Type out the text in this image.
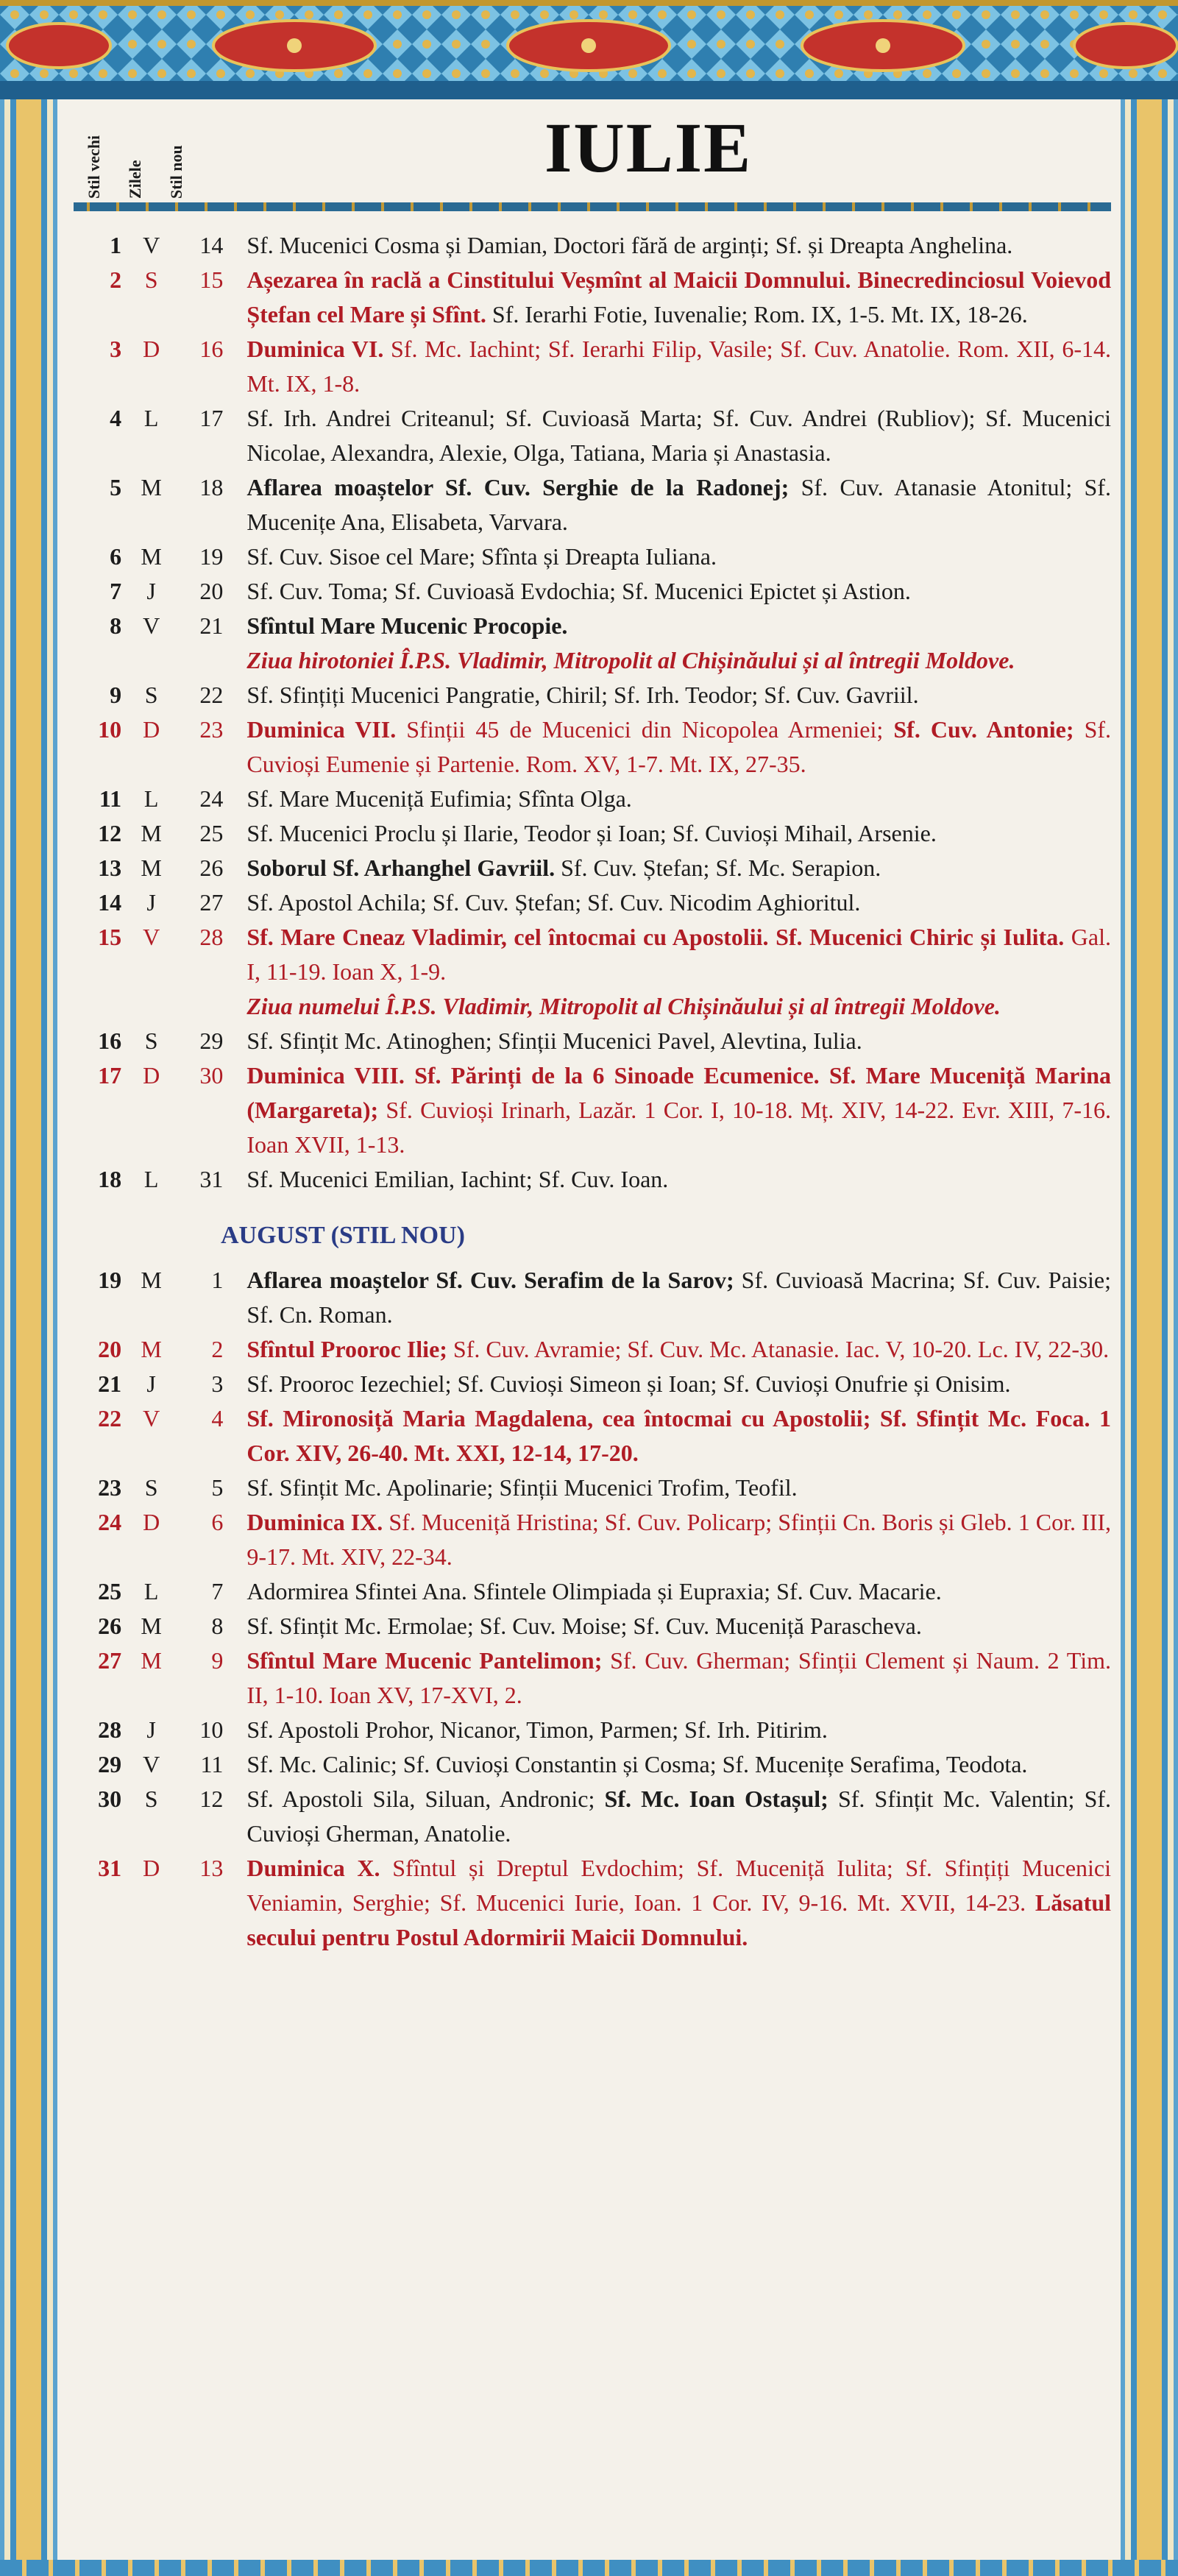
Stil vechi Zilele Stil nou	IULIE
1 V	14 Sf. Mucenici Cosma și Damian, Doctori fără de arginți; Sf. și Dreapta Anghelina.
2 S	15 Așezarea în raclă a Cinstitului Veșmînt al Maicii Domnului. Binecredinciosul Voievod Ștefan cel Mare și Sfînt. Sf. Ierarhi Fotie, Iuvenalie; Rom. IX, 1-5. Mt. IX, 18-26.
3 D	16 Duminica VI. Sf. Mc. Iachint; Sf. Ierarhi Filip, Vasile; Sf. Cuv. Anatolie. Rom. XII, 6-14. Mt. IX, 1-8.
4 L	17 Sf. Irh. Andrei Criteanul; Sf. Cuvioasă Marta; Sf. Cuv. Andrei (Rubliov); Sf. Mucenici Nicolae, Alexandra, Alexie, Olga, Tatiana, Maria și Anastasia.
5 M	18 Aflarea moaștelor Sf. Cuv. Serghie de la Radonej; Sf. Cuv. Atanasie Atonitul; Sf. Mucenițe Ana, Elisabeta, Varvara.
6 M	19 Sf. Cuv. Sisoe cel Mare; Sfînta și Dreapta Iuliana.
7	J	20 Sf. Cuv. Toma; Sf. Cuvioasă Evdochia; Sf. Mucenici Epictet și Astion.
8 V	21 Sfîntul Mare Mucenic Procopie.
Ziua hirotoniei Î.P.S. Vladimir, Mitropolit al Chișinăului și al întregii Moldove.
9 S	22 Sf. Sfințiți Mucenici Pangratie, Chiril; Sf. Irh. Teodor; Sf. Cuv. Gavriil.
10 D	23 Duminica VII. Sfinții 45 de Mucenici din Nicopolea Armeniei; Sf. Cuv. Antonie; Sf. Cuvioși Eumenie și Partenie. Rom. XV, 1-7. Mt. IX, 27-35.
11 L	24 Sf. Mare Muceniță Eufimia; Sfînta Olga.
12 M	25 Sf. Mucenici Proclu și Ilarie, Teodor și Ioan; Sf. Cuvioși Mihail, Arsenie.
13 M	26 Soborul Sf. Arhanghel Gavriil. Sf. Cuv. Ștefan; Sf. Mc. Serapion.
14	J	27 Sf. Apostol Achila; Sf. Cuv. Ștefan; Sf. Cuv. Nicodim Aghioritul.
15 V	28 Sf. Mare Cneaz Vladimir, cel întocmai cu Apostolii. Sf. Mucenici Chiric și Iulita. Gal. I, 11-19. Ioan X, 1-9.
Ziua numelui Î.P.S. Vladimir, Mitropolit al Chișinăului și al întregii Moldove.
16 S	29 Sf. Sfințit Mc. Atinoghen; Sfinții Mucenici Pavel, Alevtina, Iulia.
17 D	30 Duminica VIII. Sf. Părinți de la 6 Sinoade Ecumenice. Sf. Mare Muceniță Marina (Margareta); Sf. Cuvioși Irinarh, Lazăr. 1 Cor. I, 10-18. Mț. XIV, 14-22. Evr. XIII, 7-16. Ioan XVII, 1-13.
18 L	31 Sf. Mucenici Emilian, Iachint; Sf. Cuv. Ioan.
AUGUST (STIL NOU)
19 M	1 Aflarea moaștelor Sf. Cuv. Serafim de la Sarov; Sf. Cuvioasă Macrina; Sf. Cuv. Paisie; Sf. Cn. Roman.
20 M	2 Sfîntul Prooroc Ilie; Sf. Cuv. Avramie; Sf. Cuv. Mc. Atanasie. Iac. V, 10-20. Lc. IV, 22-30.
21	J	3 Sf. Prooroc Iezechiel; Sf. Cuvioși Simeon și Ioan; Sf. Cuvioși Onufrie și Onisim.
22 V	4 Sf. Mironosiță Maria Magdalena, cea întocmai cu Apostolii; Sf. Sfințit Mc. Foca. 1 Cor. XIV, 26-40. Mt. XXI, 12-14, 17-20.
23 S	5 Sf. Sfințit Mc. Apolinarie; Sfinții Mucenici Trofim, Teofil.
24 D	6 Duminica IX. Sf. Muceniță Hristina; Sf. Cuv. Policarp; Sfinții Cn. Boris și Gleb. 1 Cor. III, 9-17. Mt. XIV, 22-34.
25 L	7 Adormirea Sfintei Ana. Sfintele Olimpiada și Eupraxia; Sf. Cuv. Macarie.
26 M	8 Sf. Sfințit Mc. Ermolae; Sf. Cuv. Moise; Sf. Cuv. Muceniță Parascheva.
27 M	9 Sfîntul Mare Mucenic Pantelimon; Sf. Cuv. Gherman; Sfinții Clement și Naum. 2 Tim. II, 1-10. Ioan XV, 17-XVI, 2.
28	J	10 Sf. Apostoli Prohor, Nicanor, Timon, Parmen; Sf. Irh. Pitirim.
29 V	11 Sf. Mc. Calinic; Sf. Cuvioși Constantin și Cosma; Sf. Mucenițe Serafima, Teodota.
30 S	12 Sf. Apostoli Sila, Siluan, Andronic; Sf. Mc. Ioan Ostașul; Sf. Sfințit Mc. Valentin; Sf. Cuvioși Gherman, Anatolie.
31 D	13 Duminica X. Sfîntul și Dreptul Evdochim; Sf. Muceniță Iulita; Sf. Sfințiți Mucenici Veniamin, Serghie; Sf. Mucenici Iurie, Ioan. 1 Cor. IV, 9-16. Mt. XVII, 14-23. Lăsatul secului pentru Postul Adormirii Maicii Domnului.
